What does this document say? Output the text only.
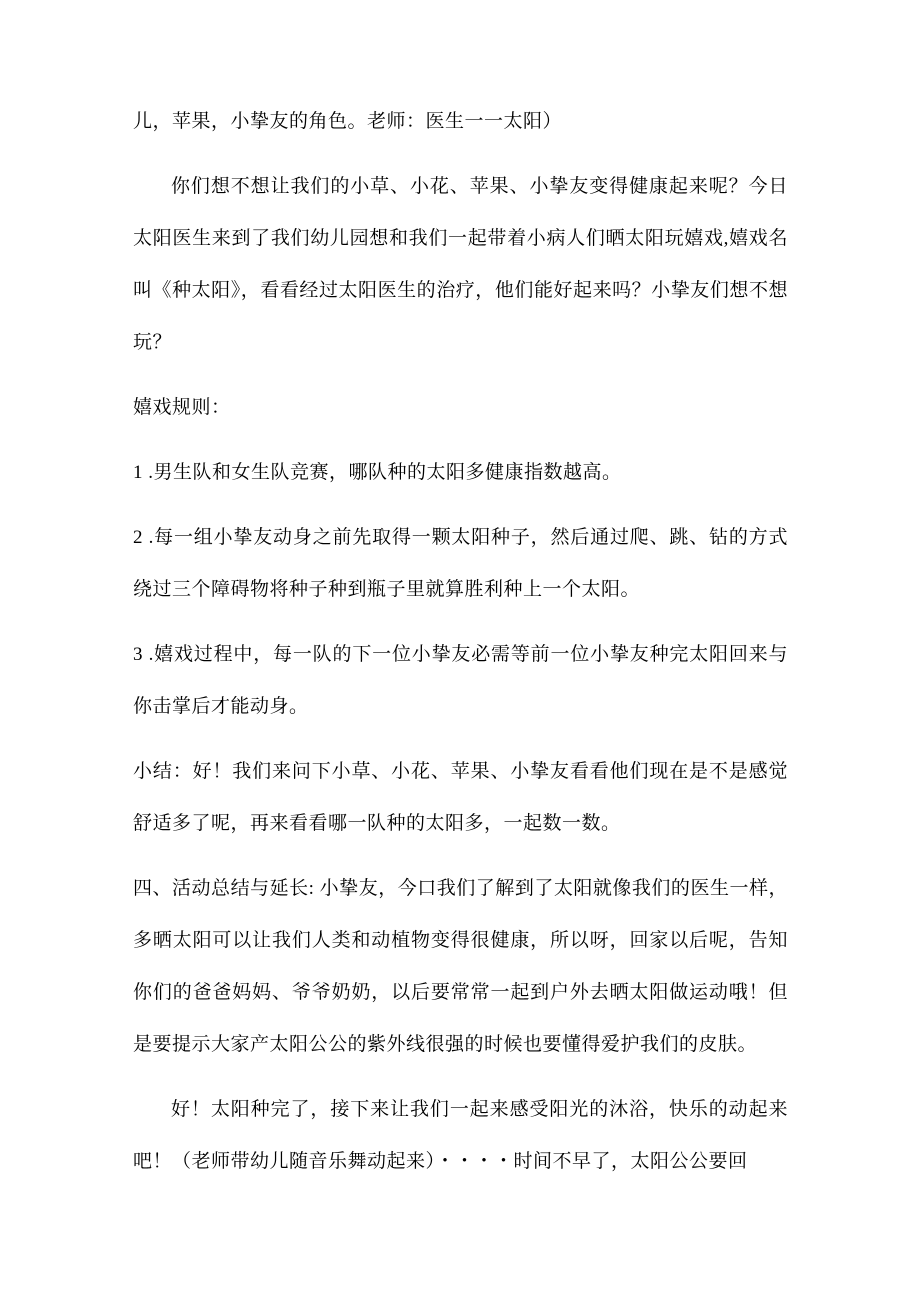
儿，苹果，小挚友的角色。老师：医生一一太阳）

你们想不想让我们的小草、小花、苹果、小挚友变得健康起来呢？今日太阳医生来到了我们幼儿园想和我们一起带着小病人们晒太阳玩嬉戏,嬉戏名叫《种太阳》，看看经过太阳医生的治疗，他们能好起来吗？小挚友们想不想玩？

嬉戏规则：

1 .男生队和女生队竞赛，哪队种的太阳多健康指数越高。

2 .每一组小挚友动身之前先取得一颗太阳种子，然后通过爬、跳、钻的方式绕过三个障碍物将种子种到瓶子里就算胜利种上一个太阳。

3 .嬉戏过程中，每一队的下一位小挚友必需等前一位小挚友种完太阳回来与你击掌后才能动身。

小结：好！我们来问下小草、小花、苹果、小挚友看看他们现在是不是感觉舒适多了呢，再来看看哪一队种的太阳多，一起数一数。

四、活动总结与延长: 小挚友，今口我们了解到了太阳就像我们的医生一样，多晒太阳可以让我们人类和动植物变得很健康，所以呀，回家以后呢，告知你们的爸爸妈妈、爷爷奶奶，以后要常常一起到户外去晒太阳做运动哦！但是要提示大家产太阳公公的紫外线很强的时候也要懂得爱护我们的皮肤。

好！太阳种完了，接下来让我们一起来感受阳光的沐浴，快乐的动起来吧！（老师带幼儿随音乐舞动起来）・・・・时间不早了，太阳公公要回
